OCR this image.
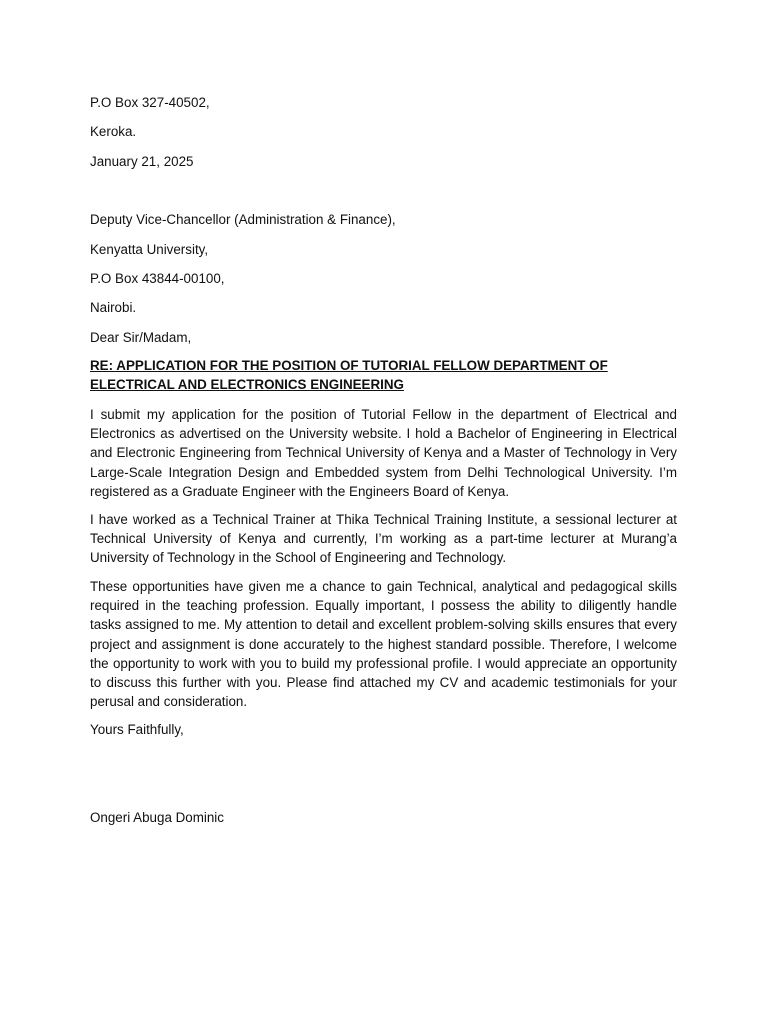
P.O Box 327-40502,
Keroka.
January 21, 2025
Deputy Vice-Chancellor (Administration & Finance),
Kenyatta University,
P.O Box 43844-00100,
Nairobi.
Dear Sir/Madam,
RE: APPLICATION FOR THE POSITION OF TUTORIAL FELLOW DEPARTMENT OF ELECTRICAL AND ELECTRONICS ENGINEERING
I submit my application for the position of Tutorial Fellow in the department of Electrical and Electronics as advertised on the University website. I hold a Bachelor of Engineering in Electrical and Electronic Engineering from Technical University of Kenya and a Master of Technology in Very Large-Scale Integration Design and Embedded system from Delhi Technological University. I’m registered as a Graduate Engineer with the Engineers Board of Kenya.
I have worked as a Technical Trainer at Thika Technical Training Institute, a sessional lecturer at Technical University of Kenya and currently, I’m working as a part-time lecturer at Murang’a University of Technology in the School of Engineering and Technology.
These opportunities have given me a chance to gain Technical, analytical and pedagogical skills required in the teaching profession. Equally important, I possess the ability to diligently handle tasks assigned to me. My attention to detail and excellent problem-solving skills ensures that every project and assignment is done accurately to the highest standard possible. Therefore, I welcome the opportunity to work with you to build my professional profile. I would appreciate an opportunity to discuss this further with you. Please find attached my CV and academic testimonials for your perusal and consideration.
Yours Faithfully,
Ongeri Abuga Dominic
